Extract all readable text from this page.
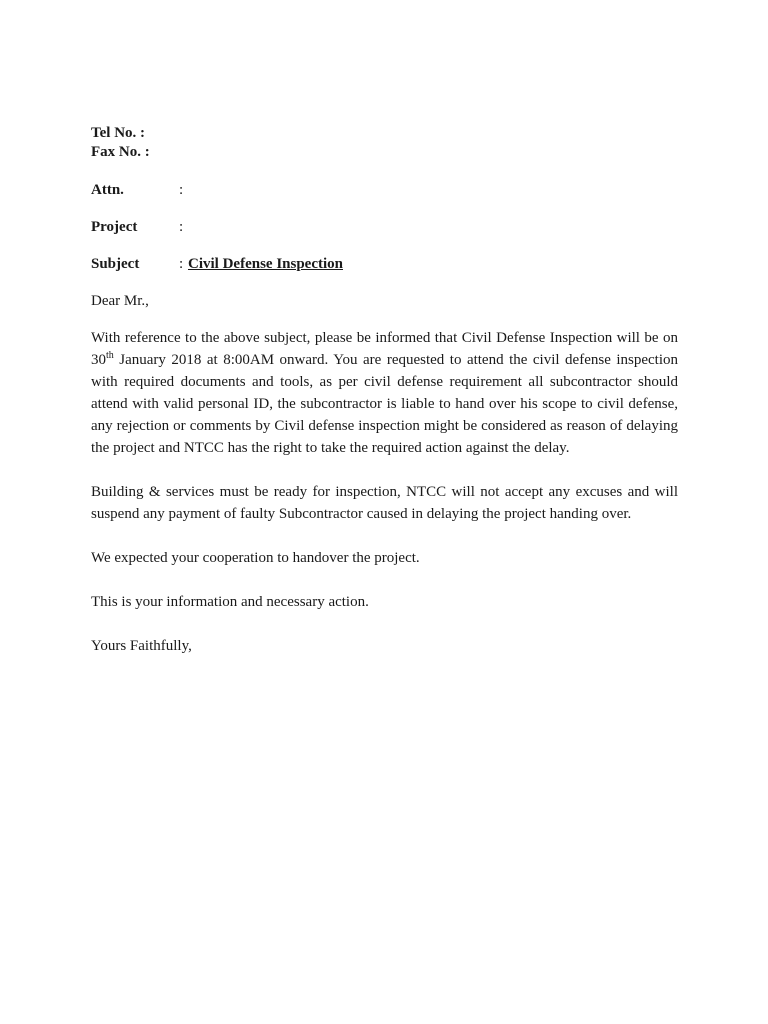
Tel No. :
Fax No. :
Attn.	:
Project	:
Subject	: Civil Defense Inspection

Dear Mr.,

With reference to the above subject, please be informed that Civil Defense Inspection will be on 30th January 2018 at 8:00AM onward. You are requested to attend the civil defense inspection with required documents and tools, as per civil defense requirement all subcontractor should attend with valid personal ID, the subcontractor is liable to hand over his scope to civil defense, any rejection or comments by Civil defense inspection might be considered as reason of delaying the project and NTCC has the right to take the required action against the delay.

Building & services must be ready for inspection, NTCC will not accept any excuses and will suspend any payment of faulty Subcontractor caused in delaying the project handing over.

We expected your cooperation to handover the project.

This is your information and necessary action.

Yours Faithfully,
